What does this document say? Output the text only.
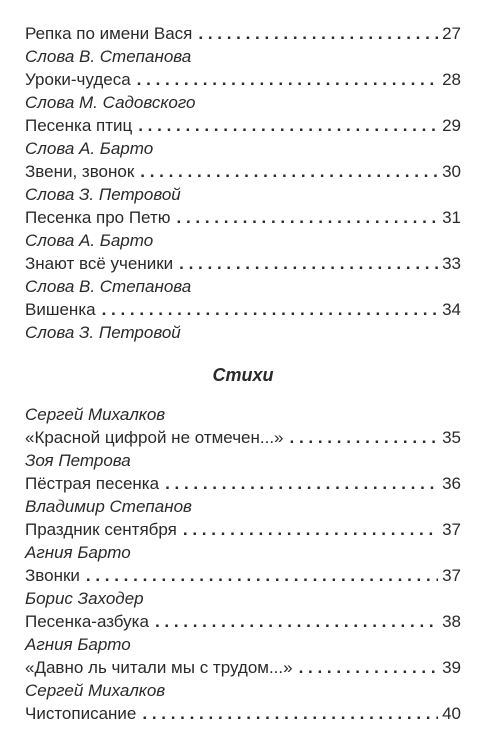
Репка по имени Вася . . .	27
Слова В. Степанова
Уроки-чудеса . . .	28
Слова М. Садовского
Песенка птиц . . .	29
Слова А. Барто
Звени, звонок . . .	30
Слова З. Петровой
Песенка про Петю . . .	31
Слова А. Барто
Знают всё ученики . . .	33
Слова В. Степанова
Вишенка . . .	34
Слова З. Петровой
Стихи
Сергей Михалков
«Красной цифрой не отмечен...» . . .	35
Зоя Петрова
Пёстрая песенка . . .	36
Владимир Степанов
Праздник сентября . . .	37
Агния Барто
Звонки . . .	37
Борис Заходер
Песенка-азбука . . .	38
Агния Барто
«Давно ль читали мы с трудом...» . . .	39
Сергей Михалков
Чистописание . . .	40
